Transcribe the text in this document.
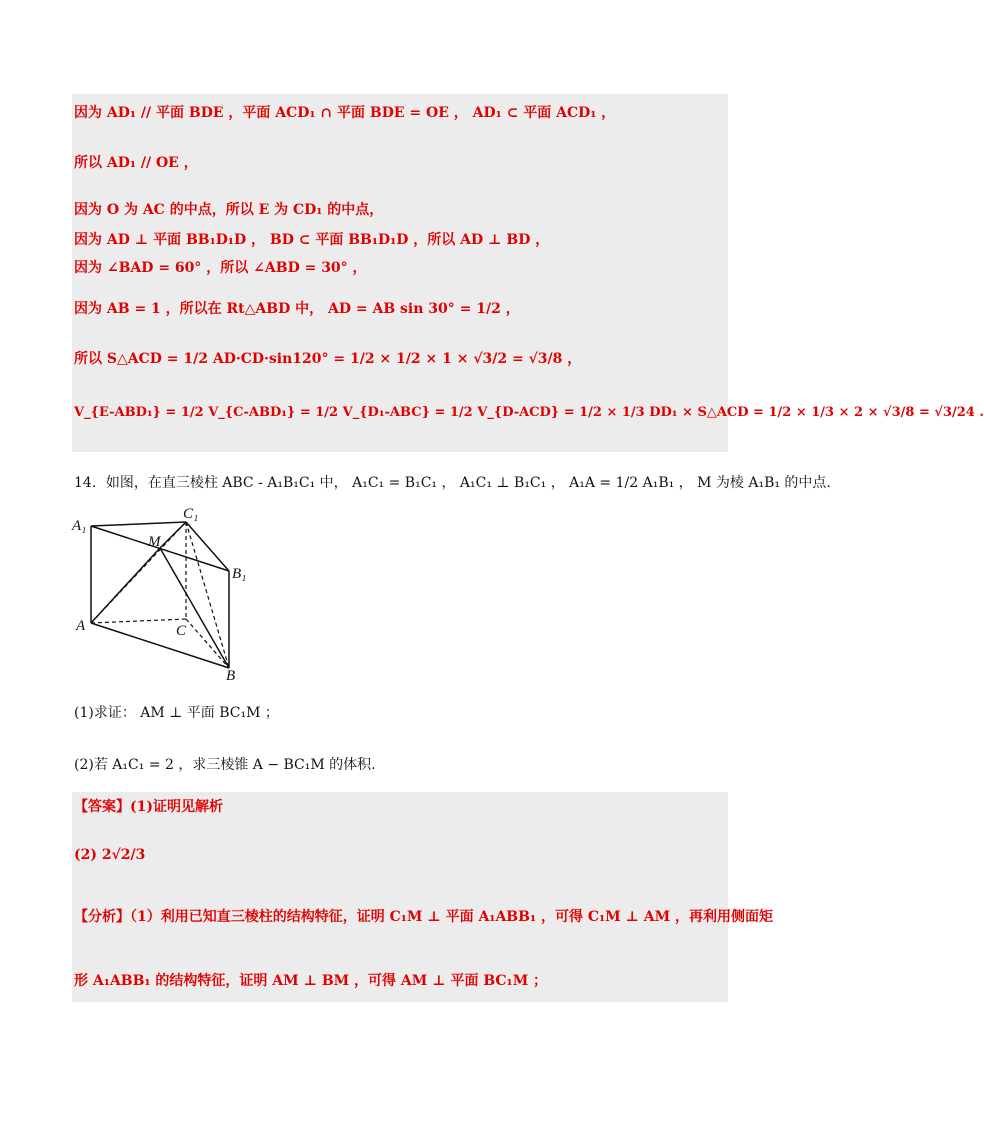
因为 AD₁ // 平面 BDE ，平面 ACD₁ ∩ 平面 BDE = OE ， AD₁ ⊂ 平面 ACD₁ ，
所以 AD₁ // OE ，
因为 O 为 AC 的中点，所以 E 为 CD₁ 的中点，
因为 AD ⊥ 平面 BB₁D₁D ， BD ⊂ 平面 BB₁D₁D ，所以 AD ⊥ BD ，
因为 ∠BAD = 60° ，所以 ∠ABD = 30° ，
因为 AB = 1 ，所以在 Rt△ABD 中， AD = AB sin 30° = 1/2 ，
所以 S△ACD = 1/2 AD·CD·sin120° = 1/2 × 1/2 × 1 × √3/2 = √3/8 ，
V_{E-ABD₁} = 1/2 V_{C-ABD₁} = 1/2 V_{D₁-ABC} = 1/2 V_{D-ACD} = 1/2 × 1/3 DD₁ × S△ACD = 1/2 × 1/3 × 2 × √3/8 = √3/24 .
14．如图，在直三棱柱 ABC - A₁B₁C₁ 中， A₁C₁ = B₁C₁ ， A₁C₁ ⊥ B₁C₁ ， A₁A = 1/2 A₁B₁ ， M 为棱 A₁B₁ 的中点.
A₁
C₁
M
B₁
A	C
B
(1)求证： AM ⊥ 平面 BC₁M ；
(2)若 A₁C₁ = 2 ，求三棱锥 A − BC₁M 的体积.
【答案】(1)证明见解析
(2) 2√2/3
【分析】（1）利用已知直三棱柱的结构特征，证明 C₁M ⊥ 平面 A₁ABB₁ ，可得 C₁M ⊥ AM ，再利用侧面矩
形 A₁ABB₁ 的结构特征，证明 AM ⊥ BM ，可得 AM ⊥ 平面 BC₁M ；
